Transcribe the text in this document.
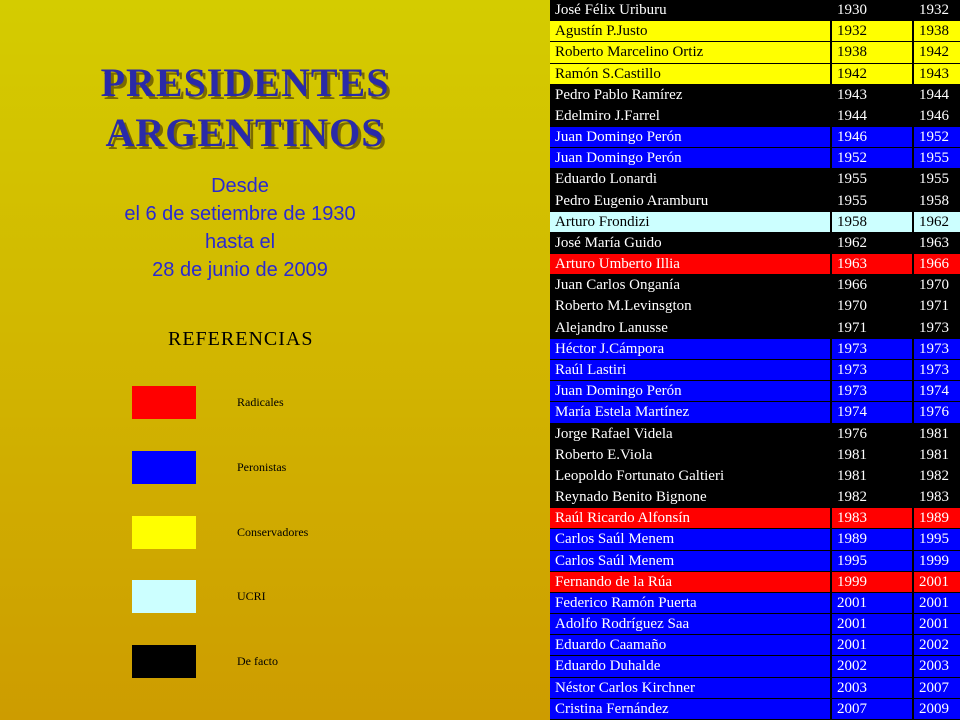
PRESIDENTES
ARGENTINOS
Desde
el 6 de setiembre de 1930
hasta el
28 de junio de 2009
REFERENCIAS
Radicales
Peronistas
Conservadores
UCRI
De facto
José Félix Uriburu	1930	1932
Agustín P.Justo	1932	1938
Roberto Marcelino Ortiz	1938	1942
Ramón S.Castillo	1942	1943
Pedro Pablo Ramírez	1943	1944
Edelmiro J.Farrel	1944	1946
Juan Domingo Perón	1946	1952
Juan Domingo Perón	1952	1955
Eduardo Lonardi	1955	1955
Pedro Eugenio Aramburu	1955	1958
Arturo Frondizi	1958	1962
José María Guido	1962	1963
Arturo Umberto Illia	1963	1966
Juan Carlos Onganía	1966	1970
Roberto M.Levinsgton	1970	1971
Alejandro Lanusse	1971	1973
Héctor J.Cámpora	1973	1973
Raúl Lastiri	1973	1973
Juan Domingo Perón	1973	1974
María Estela Martínez	1974	1976
Jorge Rafael Videla	1976	1981
Roberto E.Viola	1981	1981
Leopoldo Fortunato Galtieri	1981	1982
Reynado Benito Bignone	1982	1983
Raúl Ricardo Alfonsín	1983	1989
Carlos Saúl Menem	1989	1995
Carlos Saúl Menem	1995	1999
Fernando de la Rúa	1999	2001
Federico Ramón Puerta	2001	2001
Adolfo Rodríguez Saa	2001	2001
Eduardo Caamaño	2001	2002
Eduardo Duhalde	2002	2003
Néstor Carlos Kirchner	2003	2007
Cristina Fernández	2007	2009
